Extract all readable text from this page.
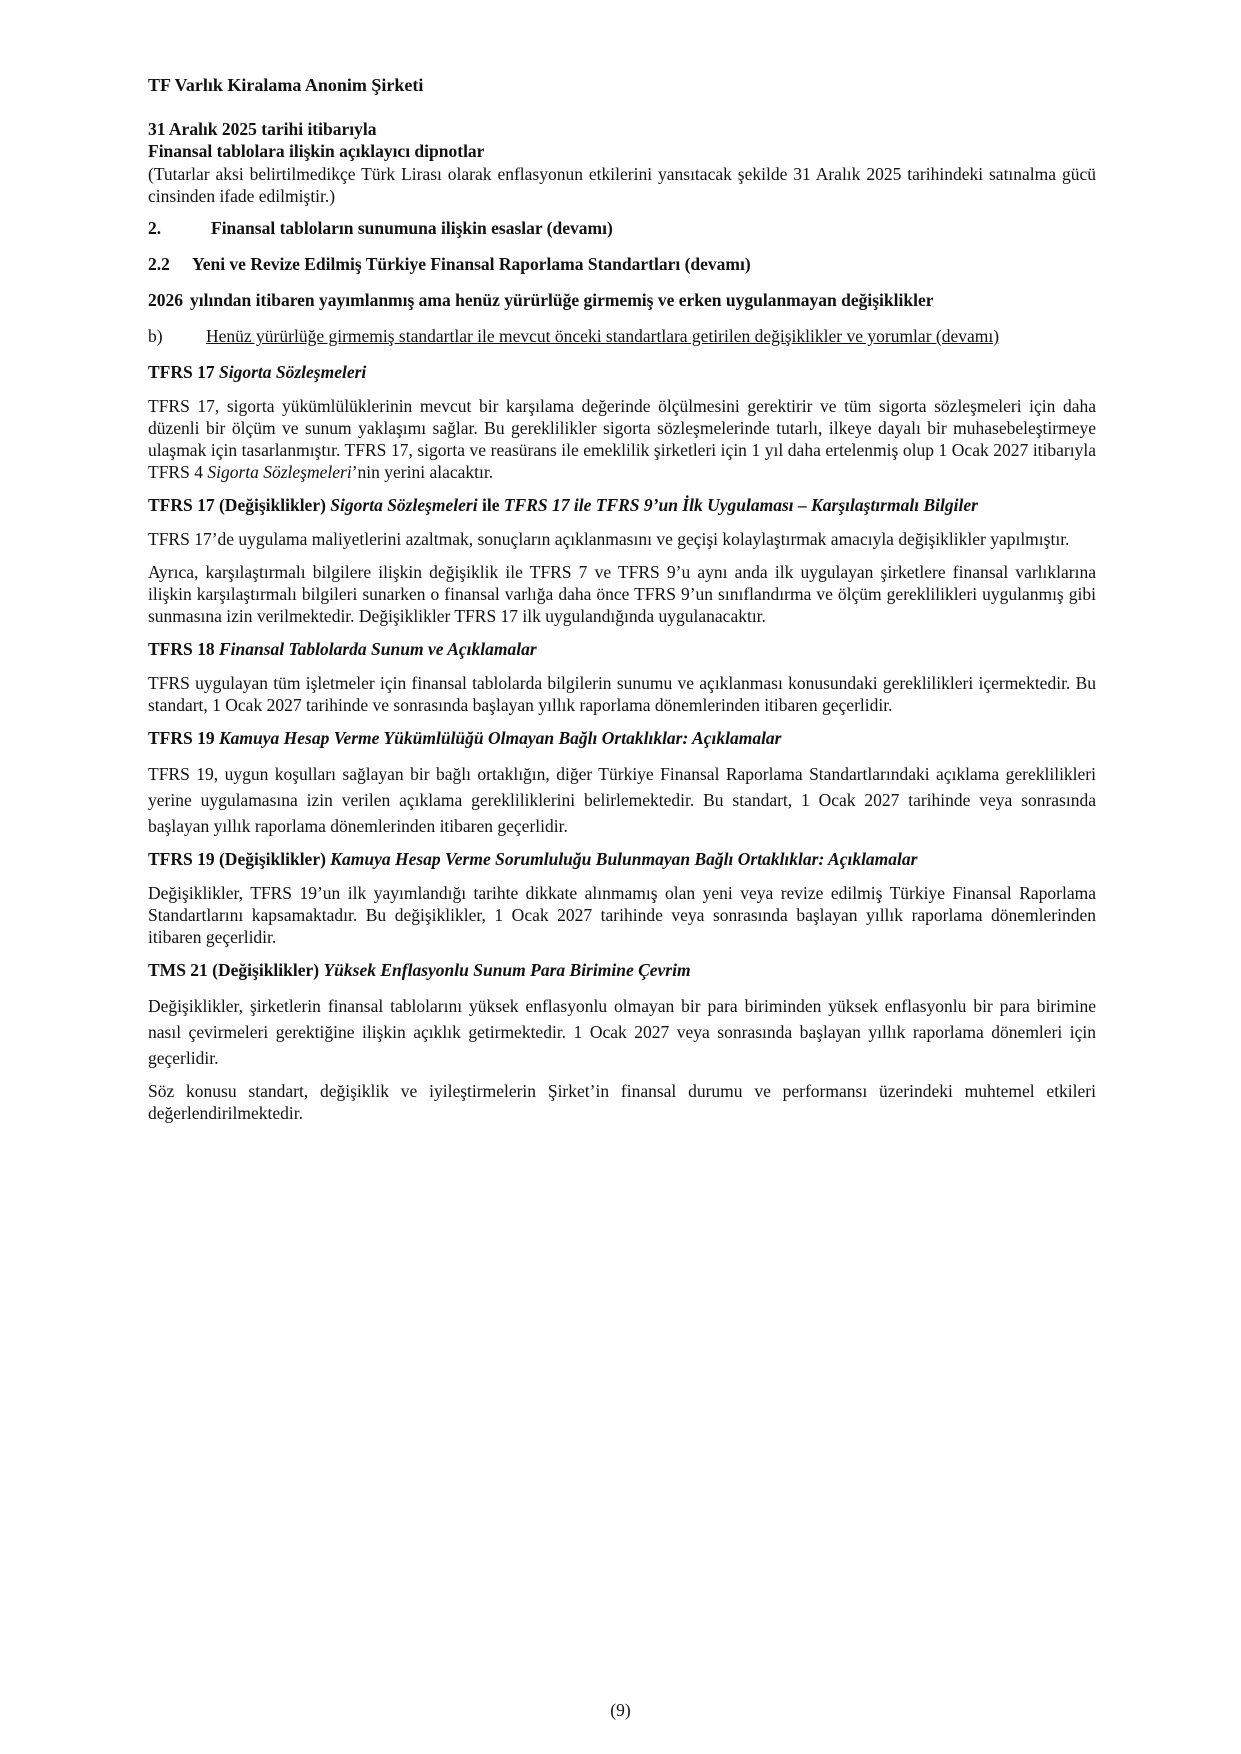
TF Varlık Kiralama Anonim Şirketi
31 Aralık 2025 tarihi itibarıyla
Finansal tablolara ilişkin açıklayıcı dipnotlar
(Tutarlar aksi belirtilmedikçe Türk Lirası olarak enflasyonun etkilerini yansıtacak şekilde 31 Aralık 2025 tarihindeki satınalma gücü cinsinden ifade edilmiştir.)
2.	Finansal tabloların sunumuna ilişkin esaslar (devamı)
2.2	Yeni ve Revize Edilmiş Türkiye Finansal Raporlama Standartları (devamı)
2026 yılından itibaren yayımlanmış ama henüz yürürlüğe girmemiş ve erken uygulanmayan değişiklikler
b)	Henüz yürürlüğe girmemiş standartlar ile mevcut önceki standartlara getirilen değişiklikler ve yorumlar (devamı)
TFRS 17 Sigorta Sözleşmeleri

TFRS 17, sigorta yükümlülüklerinin mevcut bir karşılama değerinde ölçülmesini gerektirir ve tüm sigorta sözleşmeleri için daha düzenli bir ölçüm ve sunum yaklaşımı sağlar. Bu gereklilikler sigorta sözleşmelerinde tutarlı, ilkeye dayalı bir muhasebeleştirmeye ulaşmak için tasarlanmıştır. TFRS 17, sigorta ve reasürans ile emeklilik şirketleri için 1 yıl daha ertelenmiş olup 1 Ocak 2027 itibarıyla TFRS 4 Sigorta Sözleşmeleri’nin yerini alacaktır.

TFRS 17 (Değişiklikler) Sigorta Sözleşmeleri ile TFRS 17 ile TFRS 9’un İlk Uygulaması – Karşılaştırmalı Bilgiler

TFRS 17’de uygulama maliyetlerini azaltmak, sonuçların açıklanmasını ve geçişi kolaylaştırmak amacıyla değişiklikler yapılmıştır.

Ayrıca, karşılaştırmalı bilgilere ilişkin değişiklik ile TFRS 7 ve TFRS 9’u aynı anda ilk uygulayan şirketlere finansal varlıklarına ilişkin karşılaştırmalı bilgileri sunarken o finansal varlığa daha önce TFRS 9’un sınıflandırma ve ölçüm gereklilikleri uygulanmış gibi sunmasına izin verilmektedir. Değişiklikler TFRS 17 ilk uygulandığında uygulanacaktır.

TFRS 18 Finansal Tablolarda Sunum ve Açıklamalar

TFRS uygulayan tüm işletmeler için finansal tablolarda bilgilerin sunumu ve açıklanması konusundaki gereklilikleri içermektedir. Bu standart, 1 Ocak 2027 tarihinde ve sonrasında başlayan yıllık raporlama dönemlerinden itibaren geçerlidir.

TFRS 19 Kamuya Hesap Verme Yükümlülüğü Olmayan Bağlı Ortaklıklar: Açıklamalar

TFRS 19, uygun koşulları sağlayan bir bağlı ortaklığın, diğer Türkiye Finansal Raporlama Standartlarındaki açıklama gereklilikleri yerine uygulamasına izin verilen açıklama gerekliliklerini belirlemektedir. Bu standart, 1 Ocak 2027 tarihinde veya sonrasında başlayan yıllık raporlama dönemlerinden itibaren geçerlidir.

TFRS 19 (Değişiklikler) Kamuya Hesap Verme Sorumluluğu Bulunmayan Bağlı Ortaklıklar: Açıklamalar

Değişiklikler, TFRS 19’un ilk yayımlandığı tarihte dikkate alınmamış olan yeni veya revize edilmiş Türkiye Finansal Raporlama Standartlarını kapsamaktadır. Bu değişiklikler, 1 Ocak 2027 tarihinde veya sonrasında başlayan yıllık raporlama dönemlerinden itibaren geçerlidir.

TMS 21 (Değişiklikler) Yüksek Enflasyonlu Sunum Para Birimine Çevrim

Değişiklikler, şirketlerin finansal tablolarını yüksek enflasyonlu olmayan bir para biriminden yüksek enflasyonlu bir para birimine nasıl çevirmeleri gerektiğine ilişkin açıklık getirmektedir. 1 Ocak 2027 veya sonrasında başlayan yıllık raporlama dönemleri için geçerlidir.

Söz konusu standart, değişiklik ve iyileştirmelerin Şirket’in finansal durumu ve performansı üzerindeki muhtemel etkileri değerlendirilmektedir.

(9)
